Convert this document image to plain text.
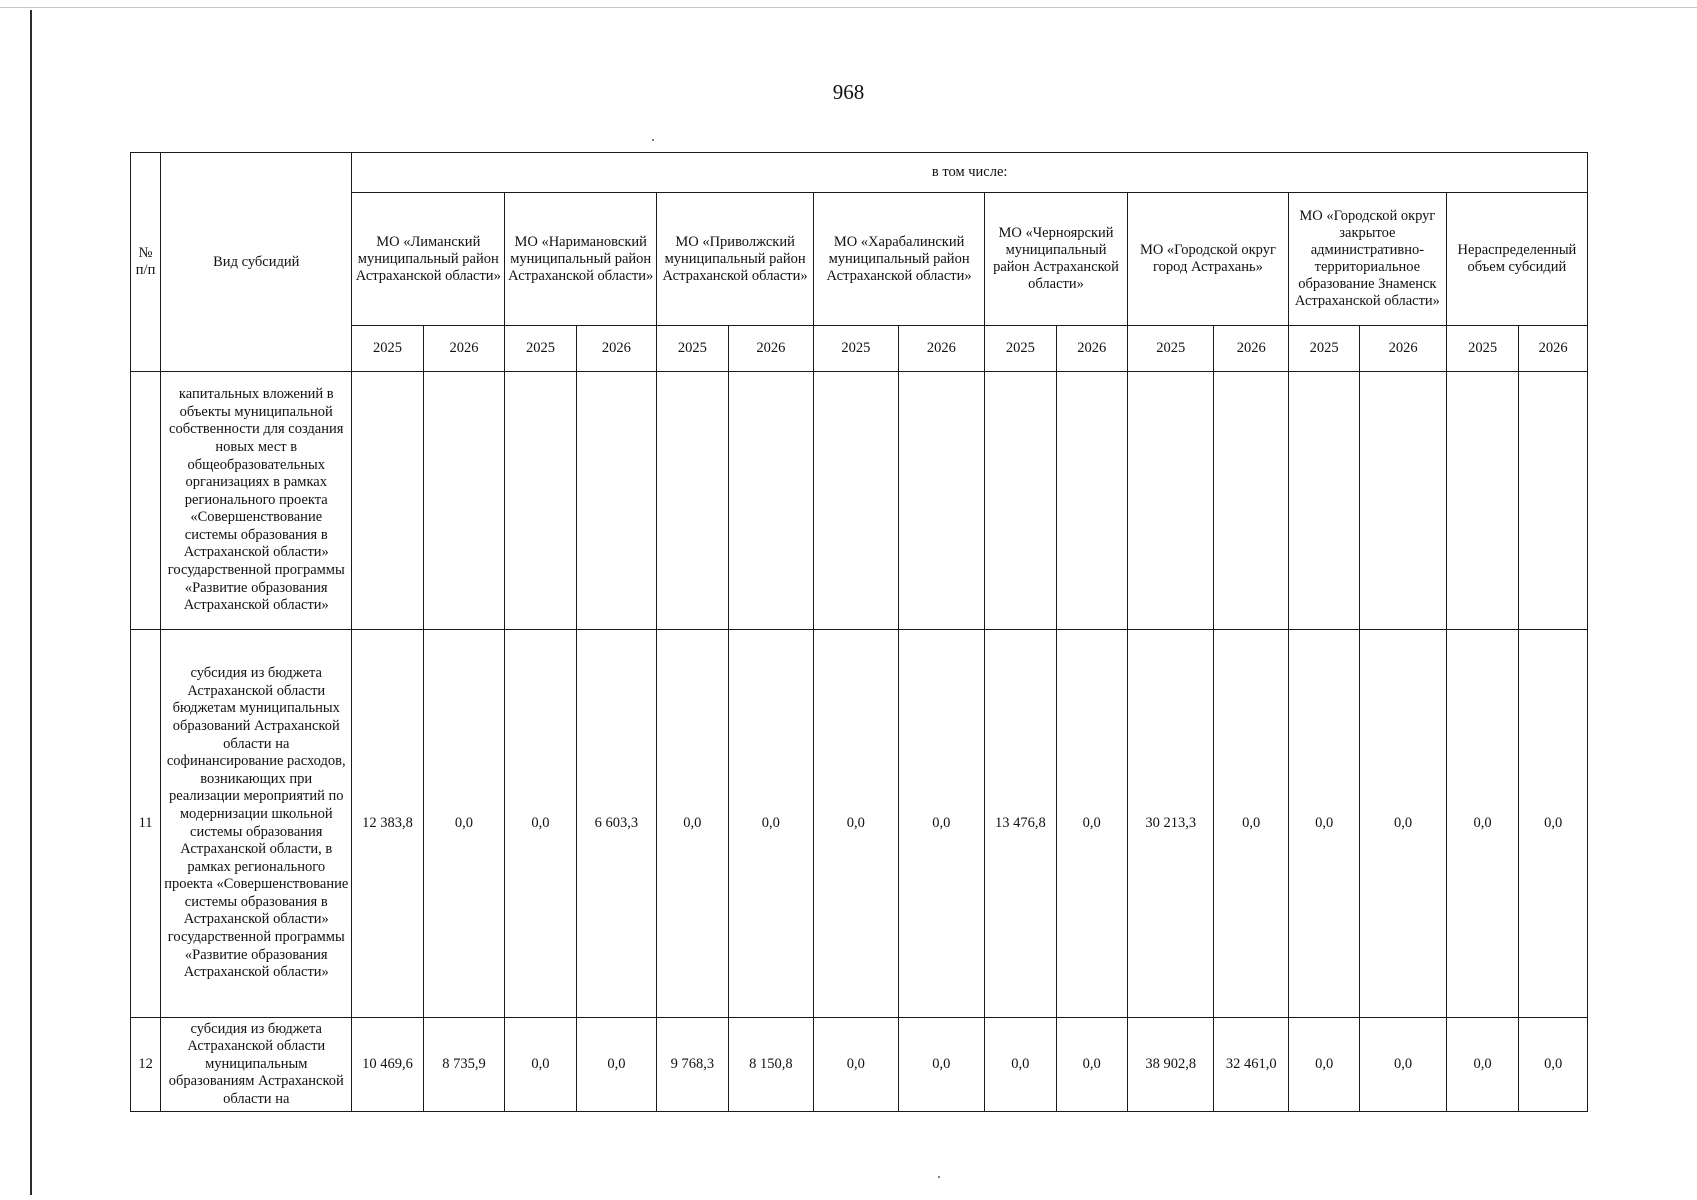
968
№ п/п	Вид субсидий	в том числе:															
		МО «Лиманский муниципальный район Астраханской области»		МО «Наримановский муниципальный район Астраханской области»		МО «Приволжский муниципальный район Астраханской области»		МО «Харабалинский муниципальный район Астраханской области»		МО «Черноярский муниципальный район Астраханской области»		МО «Городской округ город Астрахань»		МО «Городской округ закрытое административно-территориальное образование Знаменск Астраханской области»		Нераспределенный объем субсидий	
		2025	2026	2025	2026	2025	2026	2025	2026	2025	2026	2025	2026	2025	2026	2025	2026
	капитальных вложений в объекты муниципальной собственности для создания новых мест в общеобразовательных организациях в рамках регионального проекта «Совершенствование системы образования в Астраханской области» государственной программы «Развитие образования Астраханской области»																
11	субсидия из бюджета Астраханской области бюджетам муниципальных образований Астраханской области на софинансирование расходов, возникающих при реализации мероприятий по модернизации школьной системы образования Астраханской области, в рамках регионального проекта «Совершенствование системы образования в Астраханской области» государственной программы «Развитие образования Астраханской области»	12 383,8	0,0	0,0	6 603,3	0,0	0,0	0,0	0,0	13 476,8	0,0	30 213,3	0,0	0,0	0,0	0,0	0,0
12	субсидия из бюджета Астраханской области муниципальным образованиям Астраханской области на	10 469,6	8 735,9	0,0	0,0	9 768,3	8 150,8	0,0	0,0	0,0	0,0	38 902,8	32 461,0	0,0	0,0	0,0	0,0
